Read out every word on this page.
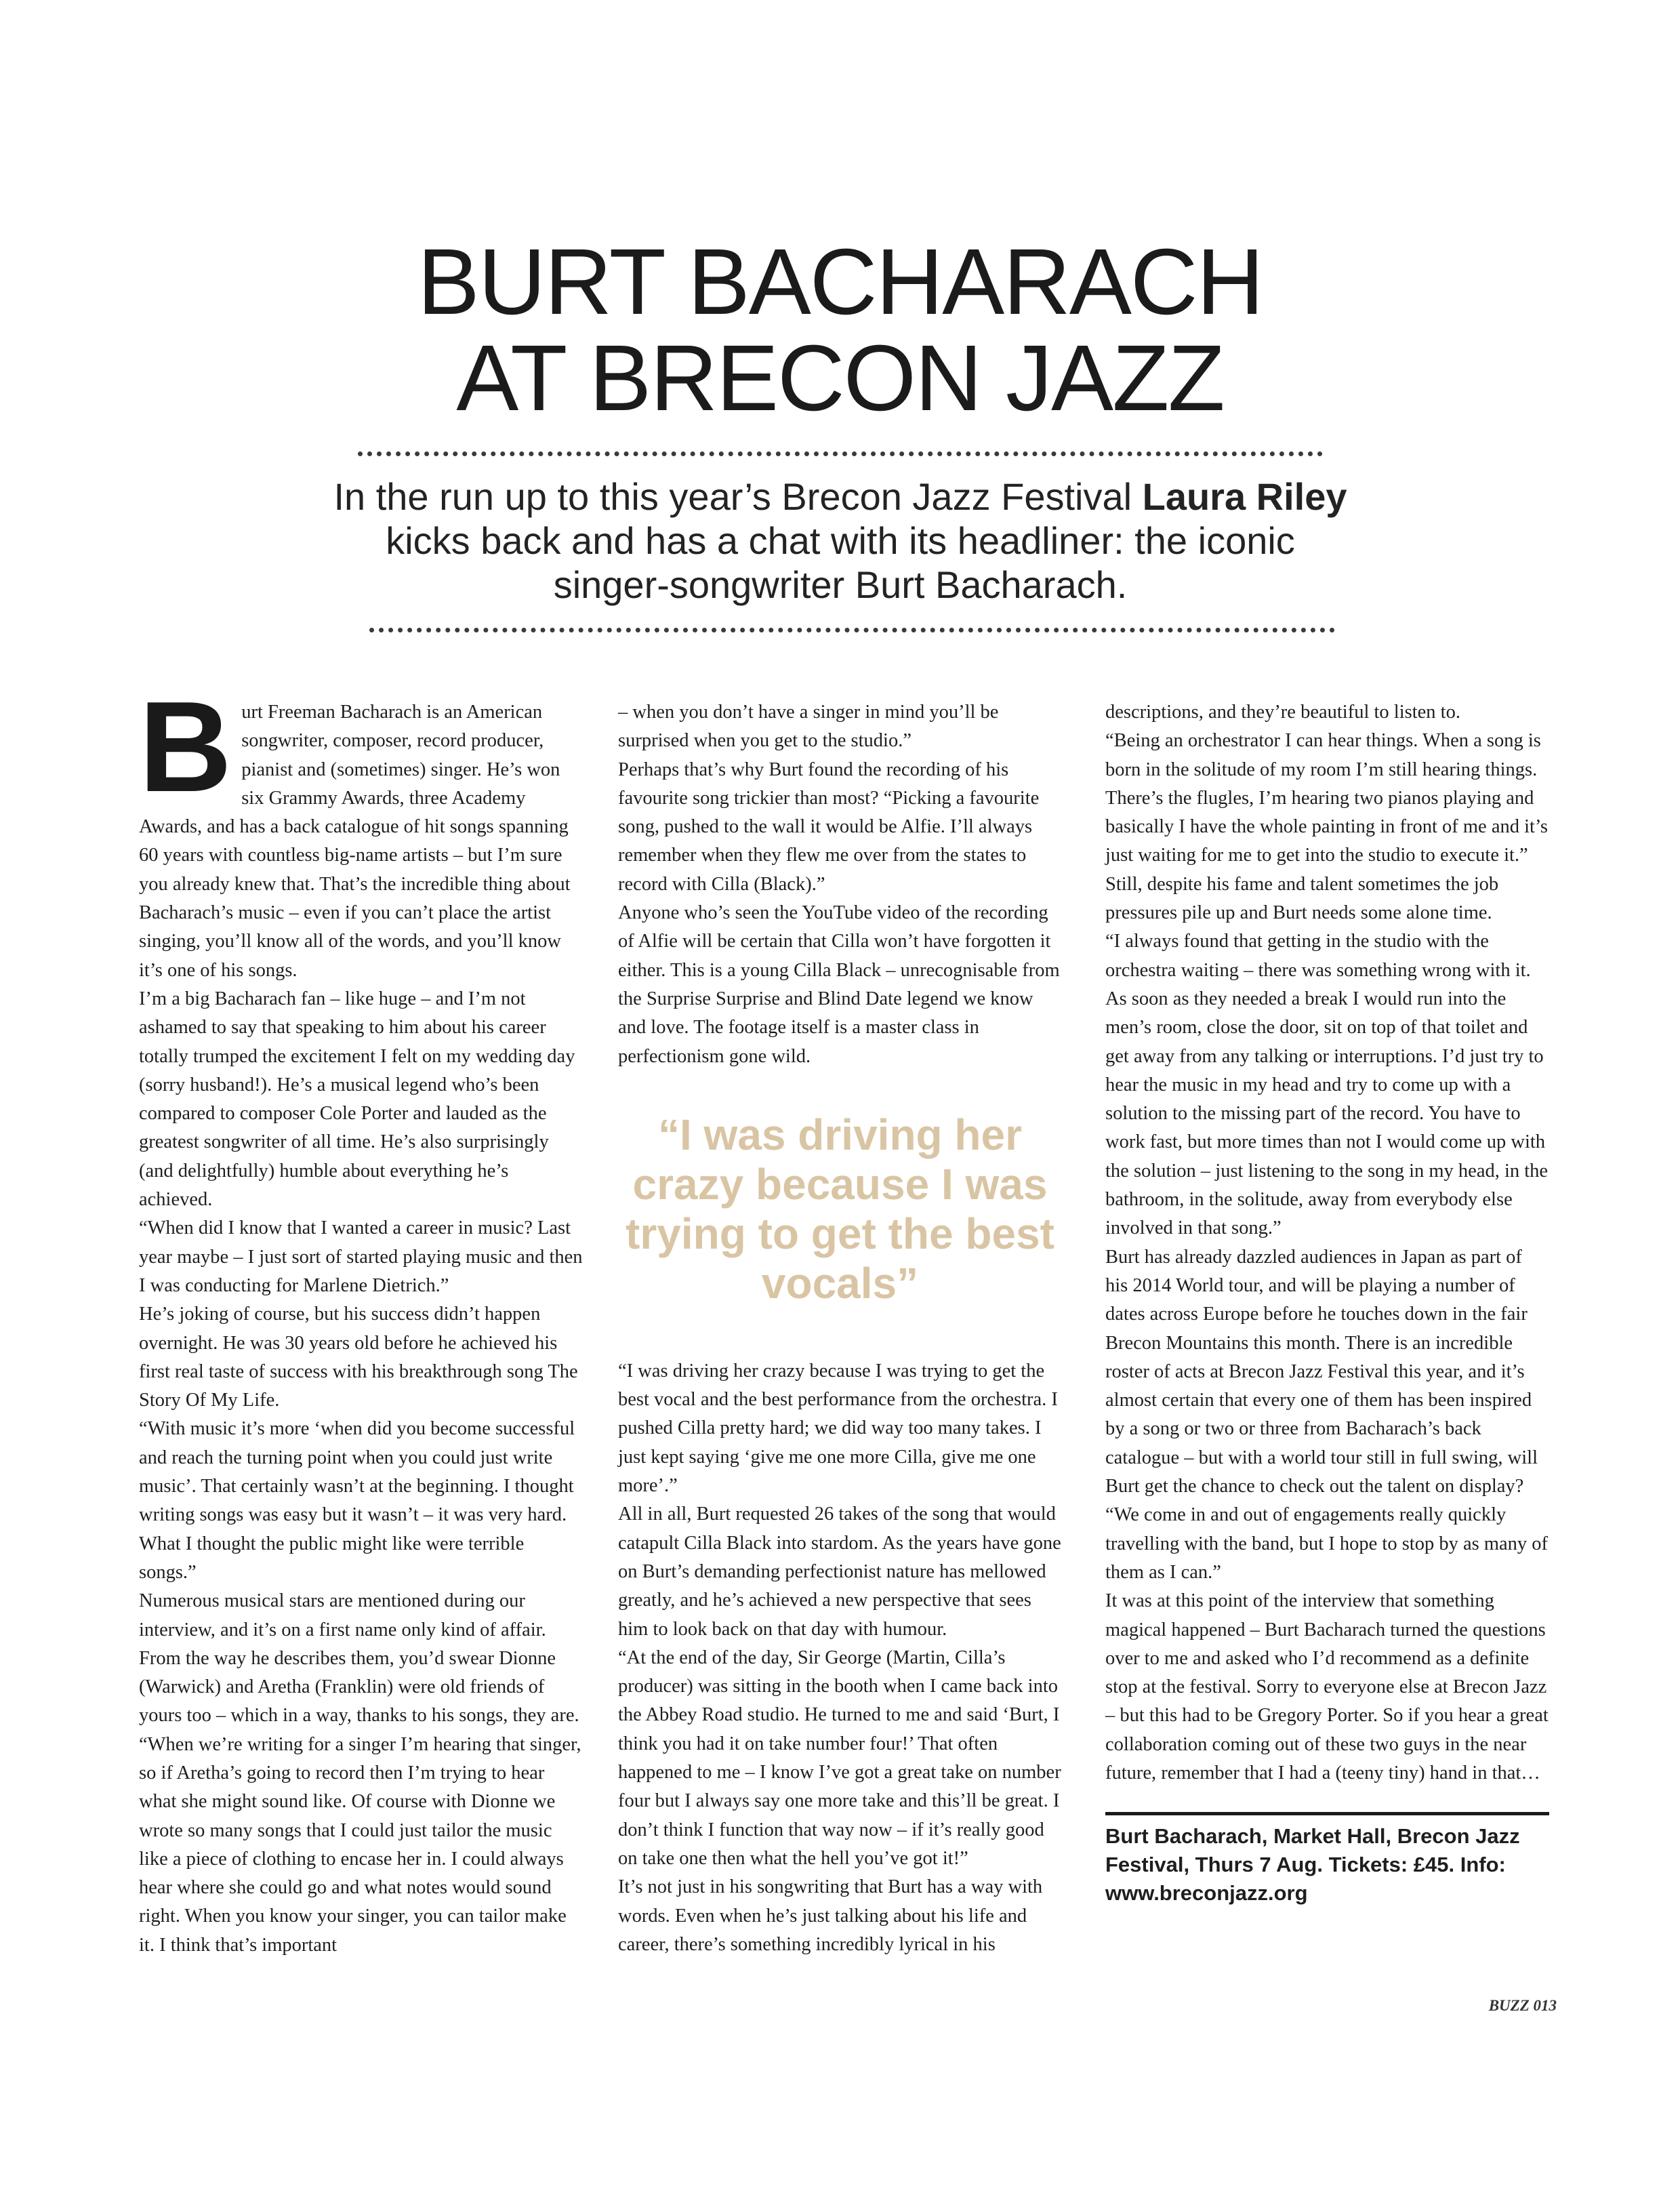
BURT BACHARACH
AT BRECON JAZZ

In the run up to this year’s Brecon Jazz Festival Laura Riley kicks back and has a chat with its headliner: the iconic singer-songwriter Burt Bacharach.

B urt Freeman Bacharach is an American songwriter, composer, record producer, pianist and (sometimes) singer. He’s won six Grammy Awards, three Academy Awards, and has a back catalogue of hit songs spanning 60 years with countless big-name artists – but I’m sure you already knew that. That’s the incredible thing about Bacharach’s music – even if you can’t place the artist singing, you’ll know all of the words, and you’ll know it’s one of his songs.

I’m a big Bacharach fan – like huge – and I’m not ashamed to say that speaking to him about his career totally trumped the excitement I felt on my wedding day (sorry husband!). He’s a musical legend who’s been compared to composer Cole Porter and lauded as the greatest songwriter of all time. He’s also surprisingly (and delightfully) humble about everything he’s achieved.

“When did I know that I wanted a career in music? Last year maybe – I just sort of started playing music and then I was conducting for Marlene Dietrich.”

He’s joking of course, but his success didn’t happen overnight. He was 30 years old before he achieved his first real taste of success with his breakthrough song The Story Of My Life.

“With music it’s more ‘when did you become successful and reach the turning point when you could just write music’. That certainly wasn’t at the beginning. I thought writing songs was easy but it wasn’t – it was very hard. What I thought the public might like were terrible songs.”

Numerous musical stars are mentioned during our interview, and it’s on a first name only kind of affair. From the way he describes them, you’d swear Dionne (Warwick) and Aretha (Franklin) were old friends of yours too – which in a way, thanks to his songs, they are.

“When we’re writing for a singer I’m hearing that singer, so if Aretha’s going to record then I’m trying to hear what she might sound like. Of course with Dionne we wrote so many songs that I could just tailor the music like a piece of clothing to encase her in. I could always hear where she could go and what notes would sound right. When you know your singer, you can tailor make it. I think that’s important

– when you don’t have a singer in mind you’ll be surprised when you get to the studio.”

Perhaps that’s why Burt found the recording of his favourite song trickier than most? “Picking a favourite song, pushed to the wall it would be Alfie. I’ll always remember when they flew me over from the states to record with Cilla (Black).”

Anyone who’s seen the YouTube video of the recording of Alfie will be certain that Cilla won’t have forgotten it either. This is a young Cilla Black – unrecognisable from the Surprise Surprise and Blind Date legend we know and love. The footage itself is a master class in perfectionism gone wild.

“I was driving her crazy because I was trying to get the best vocals”

“I was driving her crazy because I was trying to get the best vocal and the best performance from the orchestra. I pushed Cilla pretty hard; we did way too many takes. I just kept saying ‘give me one more Cilla, give me one more’.”

All in all, Burt requested 26 takes of the song that would catapult Cilla Black into stardom. As the years have gone on Burt’s demanding perfectionist nature has mellowed greatly, and he’s achieved a new perspective that sees him to look back on that day with humour.

“At the end of the day, Sir George (Martin, Cilla’s producer) was sitting in the booth when I came back into the Abbey Road studio. He turned to me and said ‘Burt, I think you had it on take number four!’ That often happened to me – I know I’ve got a great take on number four but I always say one more take and this’ll be great. I don’t think I function that way now – if it’s really good on take one then what the hell you’ve got it!”

It’s not just in his songwriting that Burt has a way with words. Even when he’s just talking about his life and career, there’s something incredibly lyrical in his

descriptions, and they’re beautiful to listen to.

“Being an orchestrator I can hear things. When a song is born in the solitude of my room I’m still hearing things. There’s the flugles, I’m hearing two pianos playing and basically I have the whole painting in front of me and it’s just waiting for me to get into the studio to execute it.”

Still, despite his fame and talent sometimes the job pressures pile up and Burt needs some alone time.

“I always found that getting in the studio with the orchestra waiting – there was something wrong with it. As soon as they needed a break I would run into the men’s room, close the door, sit on top of that toilet and get away from any talking or interruptions. I’d just try to hear the music in my head and try to come up with a solution to the missing part of the record. You have to work fast, but more times than not I would come up with the solution – just listening to the song in my head, in the bathroom, in the solitude, away from everybody else involved in that song.”

Burt has already dazzled audiences in Japan as part of his 2014 World tour, and will be playing a number of dates across Europe before he touches down in the fair Brecon Mountains this month. There is an incredible roster of acts at Brecon Jazz Festival this year, and it’s almost certain that every one of them has been inspired by a song or two or three from Bacharach’s back catalogue – but with a world tour still in full swing, will Burt get the chance to check out the talent on display?

“We come in and out of engagements really quickly travelling with the band, but I hope to stop by as many of them as I can.”

It was at this point of the interview that something magical happened – Burt Bacharach turned the questions over to me and asked who I’d recommend as a definite stop at the festival. Sorry to everyone else at Brecon Jazz – but this had to be Gregory Porter. So if you hear a great collaboration coming out of these two guys in the near future, remember that I had a (teeny tiny) hand in that…

Burt Bacharach, Market Hall, Brecon Jazz Festival, Thurs 7 Aug. Tickets: £45. Info: www.breconjazz.org
BUZZ 013
